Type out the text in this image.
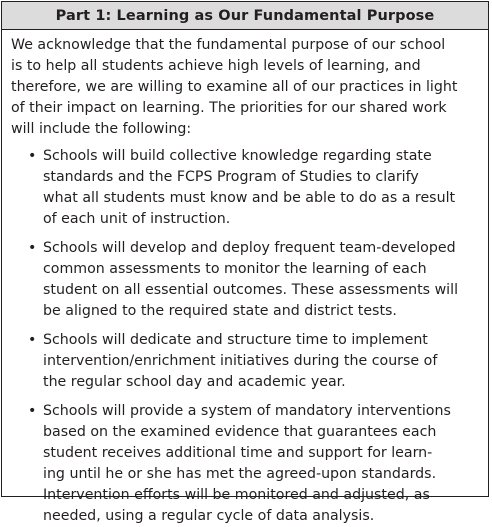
Part 1: Learning as Our Fundamental Purpose

We acknowledge that the fundamental purpose of our school
is to help all students achieve high levels of learning, and
therefore, we are willing to examine all of our practices in light
of their impact on learning. The priorities for our shared work
will include the following:

• Schools will build collective knowledge regarding state
standards and the FCPS Program of Studies to clarify
what all students must know and be able to do as a result
of each unit of instruction.
• Schools will develop and deploy frequent team-developed
common assessments to monitor the learning of each
student on all essential outcomes. These assessments will
be aligned to the required state and district tests.
• Schools will dedicate and structure time to implement
intervention/enrichment initiatives during the course of
the regular school day and academic year.
• Schools will provide a system of mandatory interventions
based on the examined evidence that guarantees each
student receives additional time and support for learn-
ing until he or she has met the agreed-upon standards.
Intervention efforts will be monitored and adjusted, as
needed, using a regular cycle of data analysis.
